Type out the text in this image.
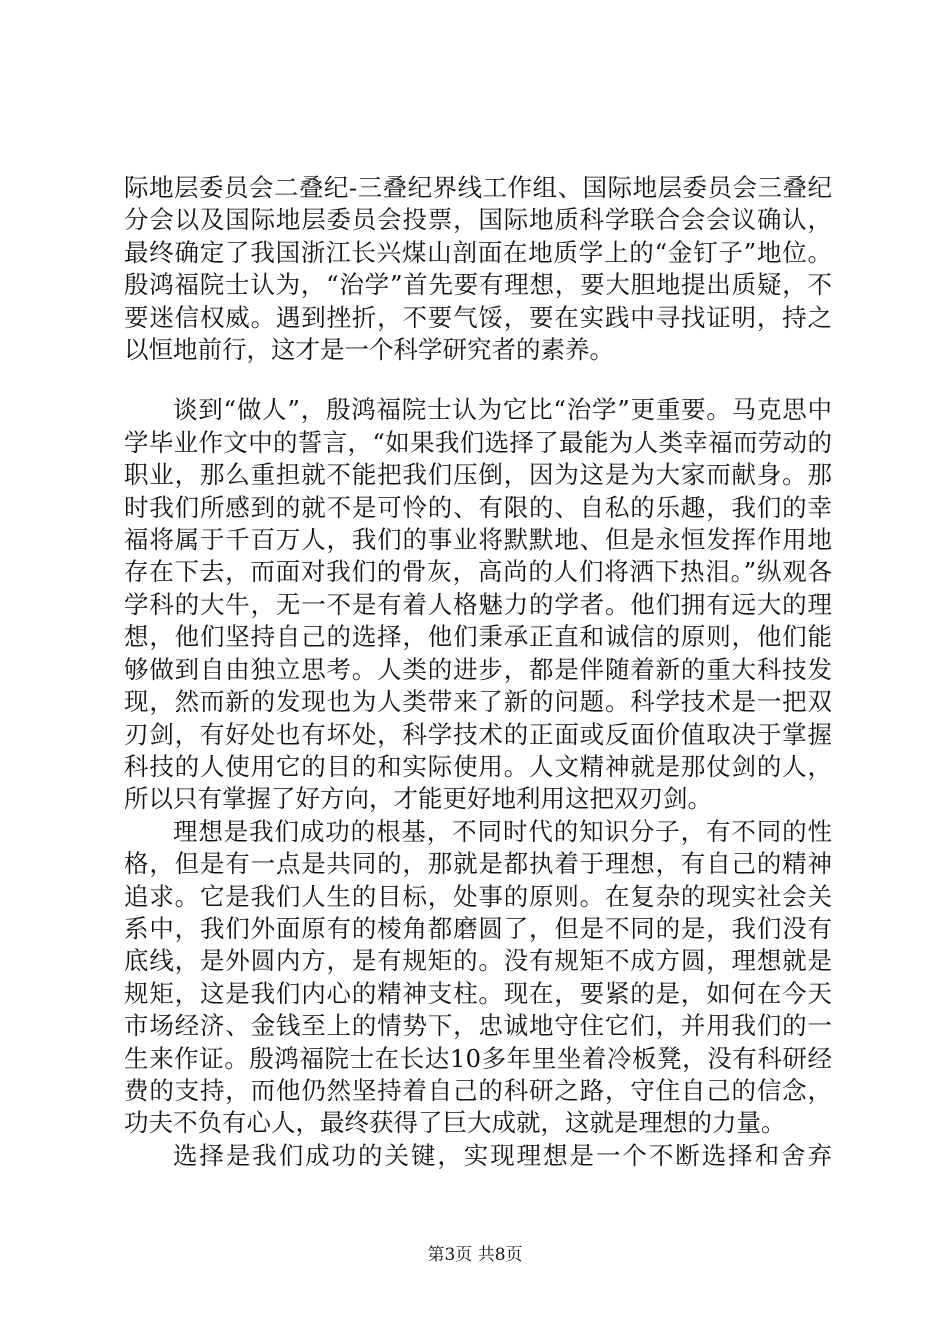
际地层委员会二叠纪-三叠纪界线工作组、国际地层委员会三叠纪分会以及国际地层委员会投票，国际地质科学联合会会议确认，最终确定了我国浙江长兴煤山剖面在地质学上的“金钉子”地位。殷鸿福院士认为，“治学”首先要有理想，要大胆地提出质疑，不要迷信权威。遇到挫折，不要气馁，要在实践中寻找证明，持之以恒地前行，这才是一个科学研究者的素养。

谈到“做人”，殷鸿福院士认为它比“治学”更重要。马克思中学毕业作文中的誓言，“如果我们选择了最能为人类幸福而劳动的职业，那么重担就不能把我们压倒，因为这是为大家而献身。那时我们所感到的就不是可怜的、有限的、自私的乐趣，我们的幸福将属于千百万人，我们的事业将默默地、但是永恒发挥作用地存在下去，而面对我们的骨灰，高尚的人们将洒下热泪。”纵观各学科的大牛，无一不是有着人格魅力的学者。他们拥有远大的理想，他们坚持自己的选择，他们秉承正直和诚信的原则，他们能够做到自由独立思考。人类的进步，都是伴随着新的重大科技发现，然而新的发现也为人类带来了新的问题。科学技术是一把双刃剑，有好处也有坏处，科学技术的正面或反面价值取决于掌握科技的人使用它的目的和实际使用。人文精神就是那仗剑的人，所以只有掌握了好方向，才能更好地利用这把双刃剑。

理想是我们成功的根基，不同时代的知识分子，有不同的性格，但是有一点是共同的，那就是都执着于理想，有自己的精神追求。它是我们人生的目标，处事的原则。在复杂的现实社会关系中，我们外面原有的棱角都磨圆了，但是不同的是，我们没有底线，是外圆内方，是有规矩的。没有规矩不成方圆，理想就是规矩，这是我们内心的精神支柱。现在，要紧的是，如何在今天市场经济、金钱至上的情势下，忠诚地守住它们，并用我们的一生来作证。殷鸿福院士在长达10多年里坐着冷板凳，没有科研经费的支持，而他仍然坚持着自己的科研之路，守住自己的信念，功夫不负有心人，最终获得了巨大成就，这就是理想的力量。

选择是我们成功的关键，实现理想是一个不断选择和舍弃

第3页 共8页
